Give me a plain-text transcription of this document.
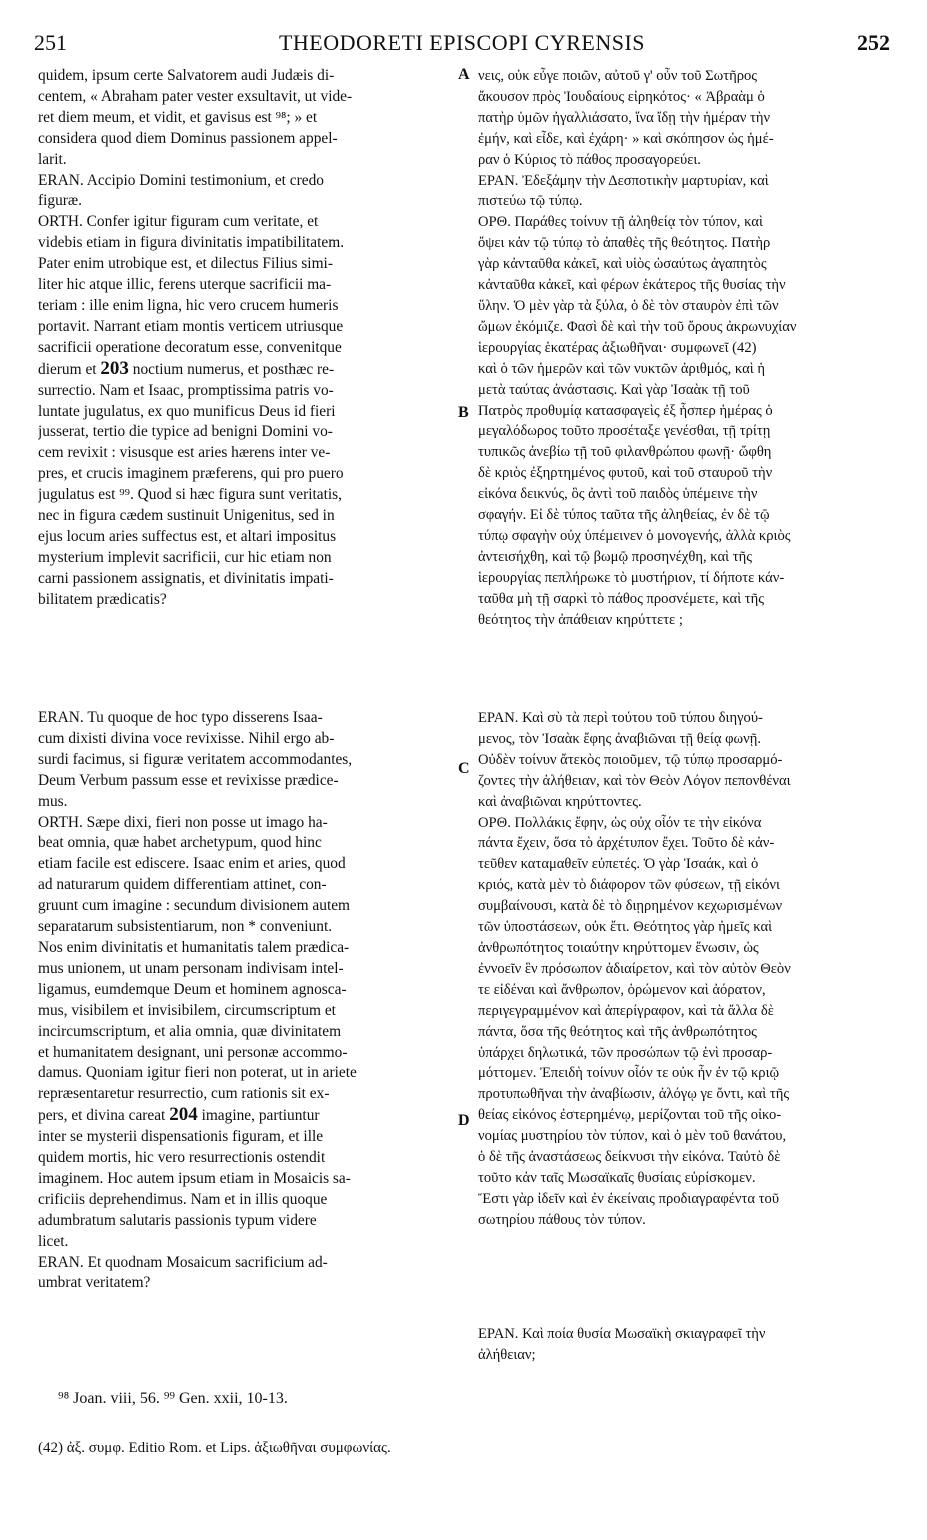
251	THEODORETI EPISCOPI CYRENSIS	252

quidem, ipsum certe Salvatorem audi Judæis di-

centem, « Abraham pater vester exsultavit, ut vide-

ret diem meum, et vidit, et gavisus est ⁹⁸; » et

considera quod diem Dominus passionem appel-

larit.

ERAN. Accipio Domini testimonium, et credo

figuræ.

ORTH. Confer igitur figuram cum veritate, et

videbis etiam in figura divinitatis impatibilitatem.

Pater enim utrobique est, et dilectus Filius simi-

liter hic atque illic, ferens uterque sacrificii ma-

teriam : ille enim ligna, hic vero crucem humeris

portavit. Narrant etiam montis verticem utriusque

sacrificii operatione decoratum esse, convenitque

dierum et 203 noctium numerus, et posthæc re-

surrectio. Nam et Isaac, promptissima patris vo-

luntate jugulatus, ex quo munificus Deus id fieri

jusserat, tertio die typice ad benigni Domini vo-

cem revixit : visusque est aries hærens inter ve-

pres, et crucis imaginem præferens, qui pro puero

jugulatus est ⁹⁹. Quod si hæc figura sunt veritatis,

nec in figura cædem sustinuit Unigenitus, sed in

ejus locum aries suffectus est, et altari impositus

mysterium implevit sacrificii, cur hic etiam non

carni passionem assignatis, et divinitatis impati-

bilitatem prædicatis?

ERAN. Tu quoque de hoc typo disserens Isaa-

cum dixisti divina voce revixisse. Nihil ergo ab-

surdi facimus, si figuræ veritatem accommodantes,

Deum Verbum passum esse et revixisse prædice-

mus.

ORTH. Sæpe dixi, fieri non posse ut imago ha-

beat omnia, quæ habet archetypum, quod hinc

etiam facile est ediscere. Isaac enim et aries, quod

ad naturarum quidem differentiam attinet, con-

gruunt cum imagine : secundum divisionem autem

separatarum subsistentiarum, non * conveniunt.

Nos enim divinitatis et humanitatis talem prædica-

mus unionem, ut unam personam indivisam intel-

ligamus, eumdemque Deum et hominem agnosca-

mus, visibilem et invisibilem, circumscriptum et

incircumscriptum, et alia omnia, quæ divinitatem

et humanitatem designant, uni personæ accommo-

damus. Quoniam igitur fieri non poterat, ut in ariete

repræsentaretur resurrectio, cum rationis sit ex-

pers, et divina careat 204 imagine, partiuntur

inter se mysterii dispensationis figuram, et ille

quidem mortis, hic vero resurrectionis ostendit

imaginem. Hoc autem ipsum etiam in Mosaicis sa-

crificiis deprehendimus. Nam et in illis quoque

adumbratum salutaris passionis typum videre

licet.

ERAN. Et quodnam Mosaicum sacrificium ad-

umbrat veritatem?

A
B
C
D

νεις, οὐκ εὖγε ποιῶν, αὐτοῦ γ' οὖν τοῦ Σωτῆρος

ἄκουσον πρὸς Ἰουδαίους εἰρηκότος· « Ἀβραὰμ ὁ

πατὴρ ὑμῶν ἠγαλλιάσατο, ἵνα ἴδῃ τὴν ἡμέραν τὴν

ἐμήν, καὶ εἶδε, καὶ ἐχάρη· » καὶ σκόπησον ὡς ἡμέ-

ραν ὁ Κύριος τὸ πάθος προσαγορεύει.

ΕΡΑΝ. Ἐδεξάμην τὴν Δεσποτικὴν μαρτυρίαν, καὶ

πιστεύω τῷ τύπῳ.

ΟΡΘ. Παράθες τοίνυν τῇ ἀληθείᾳ τὸν τύπον, καὶ

ὄψει κἀν τῷ τύπῳ τὸ ἀπαθὲς τῆς θεότητος. Πατὴρ

γὰρ κἀνταῦθα κἀκεῖ, καὶ υἱὸς ὡσαύτως ἀγαπητὸς

κἀνταῦθα κἀκεῖ, καὶ φέρων ἑκάτερος τῆς θυσίας τὴν

ὕλην. Ὁ μὲν γὰρ τὰ ξύλα, ὁ δὲ τὸν σταυρὸν ἐπὶ τῶν

ὤμων ἐκόμιζε. Φασὶ δὲ καὶ τὴν τοῦ ὄρους ἀκρωνυχίαν

ἱερουργίας ἑκατέρας ἀξιωθῆναι· συμφωνεῖ (42)

καὶ ὁ τῶν ἡμερῶν καὶ τῶν νυκτῶν ἀριθμός, καὶ ἡ

μετὰ ταύτας ἀνάστασις. Καὶ γὰρ Ἰσαὰκ τῇ τοῦ

Πατρὸς προθυμίᾳ κατασφαγεὶς ἐξ ἧσπερ ἡμέρας ὁ

μεγαλόδωρος τοῦτο προσέταξε γενέσθαι, τῇ τρίτῃ

τυπικῶς ἀνεβίω τῇ τοῦ φιλανθρώπου φωνῇ· ὤφθη

δὲ κριὸς ἐξηρτημένος φυτοῦ, καὶ τοῦ σταυροῦ τὴν

εἰκόνα δεικνύς, ὃς ἀντὶ τοῦ παιδὸς ὑπέμεινε τὴν

σφαγήν. Εἰ δὲ τύπος ταῦτα τῆς ἀληθείας, ἐν δὲ τῷ

τύπῳ σφαγὴν οὐχ ὑπέμεινεν ὁ μονογενής, ἀλλὰ κριὸς

ἀντεισήχθη, καὶ τῷ βωμῷ προσηνέχθη, καὶ τῆς

ἱερουργίας πεπλήρωκε τὸ μυστήριον, τί δήποτε κάν-

ταῦθα μὴ τῇ σαρκὶ τὸ πάθος προσνέμετε, καὶ τῆς

θεότητος τὴν ἀπάθειαν κηρύττετε ;

ΕΡΑΝ. Καὶ σὺ τὰ περὶ τούτου τοῦ τύπου διηγού-

μενος, τὸν Ἰσαὰκ ἔφης ἀναβιῶναι τῇ θείᾳ φωνῇ.

Οὐδὲν τοίνυν ἄτεκὸς ποιοῦμεν, τῷ τύπῳ προσαρμό-

ζοντες τὴν ἀλήθειαν, καὶ τὸν Θεὸν Λόγον πεπονθέναι

καὶ ἀναβιῶναι κηρύττοντες.

ΟΡΘ. Πολλάκις ἔφην, ὡς οὐχ οἷόν τε τὴν εἰκόνα

πάντα ἔχειν, ὅσα τὸ ἀρχέτυπον ἔχει. Τοῦτο δὲ κἀν-

τεῦθεν καταμαθεῖν εὐπετές. Ὁ γὰρ Ἰσαάκ, καὶ ὁ

κριός, κατὰ μὲν τὸ διάφορον τῶν φύσεων, τῇ εἰκόνι

συμβαίνουσι, κατὰ δὲ τὸ διῃρημένον κεχωρισμένων

τῶν ὑποστάσεων, οὐκ ἔτι. Θεότητος γὰρ ἡμεῖς καὶ

ἀνθρωπότητος τοιαύτην κηρύττομεν ἕνωσιν, ὡς

ἐννοεῖν ἓν πρόσωπον ἀδιαίρετον, καὶ τὸν αὐτὸν Θεὸν

τε εἰδέναι καὶ ἄνθρωπον, ὁρώμενον καὶ ἀόρατον,

περιγεγραμμένον καὶ ἀπερίγραφον, καὶ τὰ ἄλλα δὲ

πάντα, ὅσα τῆς θεότητος καὶ τῆς ἀνθρωπότητος

ὑπάρχει δηλωτικά, τῶν προσώπων τῷ ἑνὶ προσαρ-

μόττομεν. Ἐπειδὴ τοίνυν οἷόν τε οὐκ ἦν ἐν τῷ κριῷ

προτυπωθῆναι τὴν ἀναβίωσιν, ἀλόγῳ γε ὄντι, καὶ τῆς

θείας εἰκόνος ἐστερημένῳ, μερίζονται τοῦ τῆς οἰκο-

νομίας μυστηρίου τὸν τύπον, καὶ ὁ μὲν τοῦ θανάτου,

ὁ δὲ τῆς ἀναστάσεως δείκνυσι τὴν εἰκόνα. Ταὐτὸ δὲ

τοῦτο κἀν ταῖς Μωσαϊκαῖς θυσίαις εὑρίσκομεν.

Ἔστι γὰρ ἰδεῖν καὶ ἐν ἐκείναις προδιαγραφέντα τοῦ

σωτηρίου πάθους τὸν τύπον.

ΕΡΑΝ. Καὶ ποία θυσία Μωσαϊκὴ σκιαγραφεῖ τὴν

ἀλήθειαν;

⁹⁸ Joan. viii, 56. ⁹⁹ Gen. xxii, 10-13.
(42) ἀξ. συμφ. Editio Rom. et Lips. ἀξιωθῆναι συμφωνίας.
